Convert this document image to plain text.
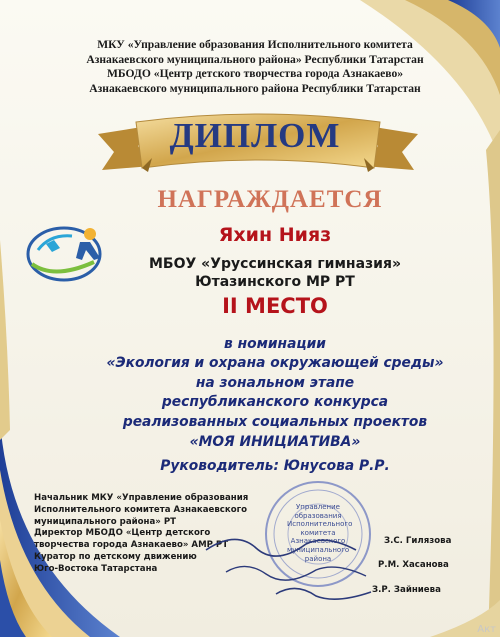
МКУ «Управление образования Исполнительного комитета
Азнакаевского муниципального района» Республики Татарстан
МБОДО «Центр детского творчества города Азнакаево»
Азнакаевского муниципального района Республики Татарстан
ДИПЛОМ
НАГРАЖДАЕТСЯ
Яхин Нияз
МБОУ «Уруссинская гимназия»
Ютазинского МР РТ
II МЕСТО
в номинации
«Экология и охрана окружающей среды»
на зональном этапе
республиканского конкурса
реализованных социальных проектов
«МОЯ ИНИЦИАТИВА»
Руководитель: Юнусова Р.Р.
Начальник МКУ «Управление образования
Исполнительного комитета Азнакаевского
муниципального района» РТ
Директор МБОДО «Центр детского
творчества города Азнакаево» АМР РТ
Куратор по детскому движению
Юго-Востока Татарстана
Управление
образования
Исполнительного
комитета
Азнакаевского
муниципального
района
З.С. Гилязова
Р.М. Хасанова
З.Р. Зайниева
Акт
